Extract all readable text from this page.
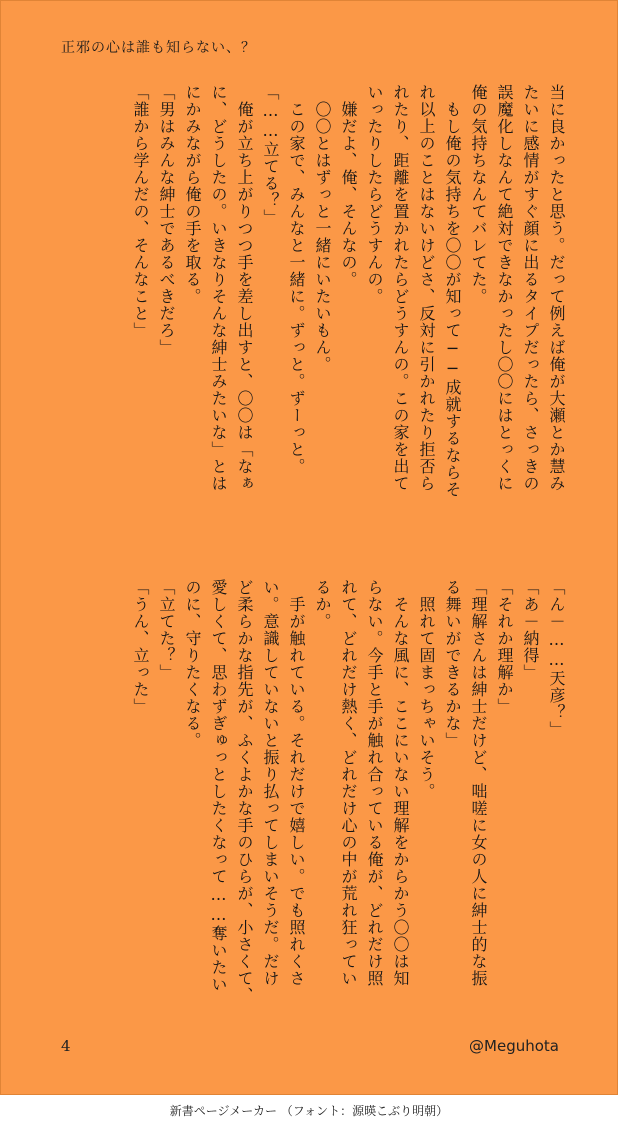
正邪の心は誰も知らない、？
当に良かったと思う。だって例えば俺が大瀬とか慧み
たいに感情がすぐ顔に出るタイプだったら、さっきの
誤魔化しなんて絶対できなかったし〇〇にはとっくに
俺の気持ちなんてバレてた。
　もし俺の気持ちを〇〇が知って──成就するならそ
れ以上のことはないけどさ、反対に引かれたり拒否ら
れたり、距離を置かれたらどうすんの。この家を出て
いったりしたらどうすんの。
　嫌だよ、俺、そんなの。
　〇〇とはずっと一緒にいたいもん。
　この家で、みんなと一緒に。ずっと。ずーっと。
「……立てる？」
　俺が立ち上がりつつ手を差し出すと、〇〇は「なぁ
に、どうしたの。いきなりそんな紳士みたいな」とは
にかみながら俺の手を取る。
「男はみんな紳士であるべきだろ」
「誰から学んだの、そんなこと」
「ん－……天彦？」
「あ－納得」
「それか理解か」
「理解さんは紳士だけど、咄嗟に女の人に紳士的な振
る舞いができるかな」
　照れて固まっちゃいそう。
　そんな風に、ここにいない理解をからかう〇〇は知
らない。今手と手が触れ合っている俺が、どれだけ照
れて、どれだけ熱く、どれだけ心の中が荒れ狂ってい
るか。
　手が触れている。それだけで嬉しい。でも照れくさ
い。意識していないと振り払ってしまいそうだ。だけ
ど柔らかな指先が、ふくよかな手のひらが、小さくて、
愛しくて、思わずぎゅっとしたくなって……奪いたい
のに、守りたくなる。
「立てた？」
「うん、立った」
4	@Meguhota
新書ページメーカー （フォント：源暎こぶり明朝）
